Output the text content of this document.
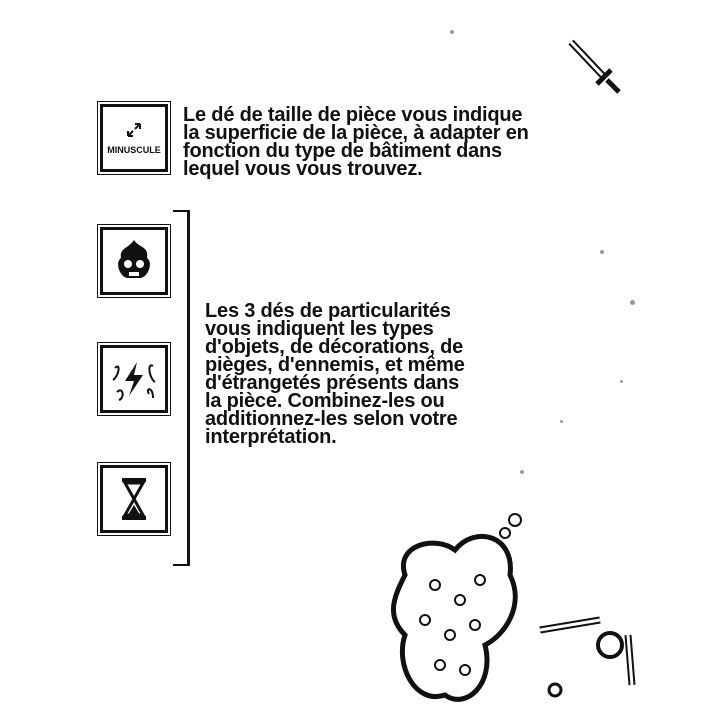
MINUSCULE
Le dé de taille de pièce vous indique
la superficie de la pièce, à adapter en
fonction du type de bâtiment dans
lequel vous vous trouvez.
Les 3 dés de particularités
vous indiquent les types
d'objets, de décorations, de
pièges, d'ennemis, et même
d'étrangetés présents dans
la pièce. Combinez-les ou
additionnez-les selon votre
interprétation.
